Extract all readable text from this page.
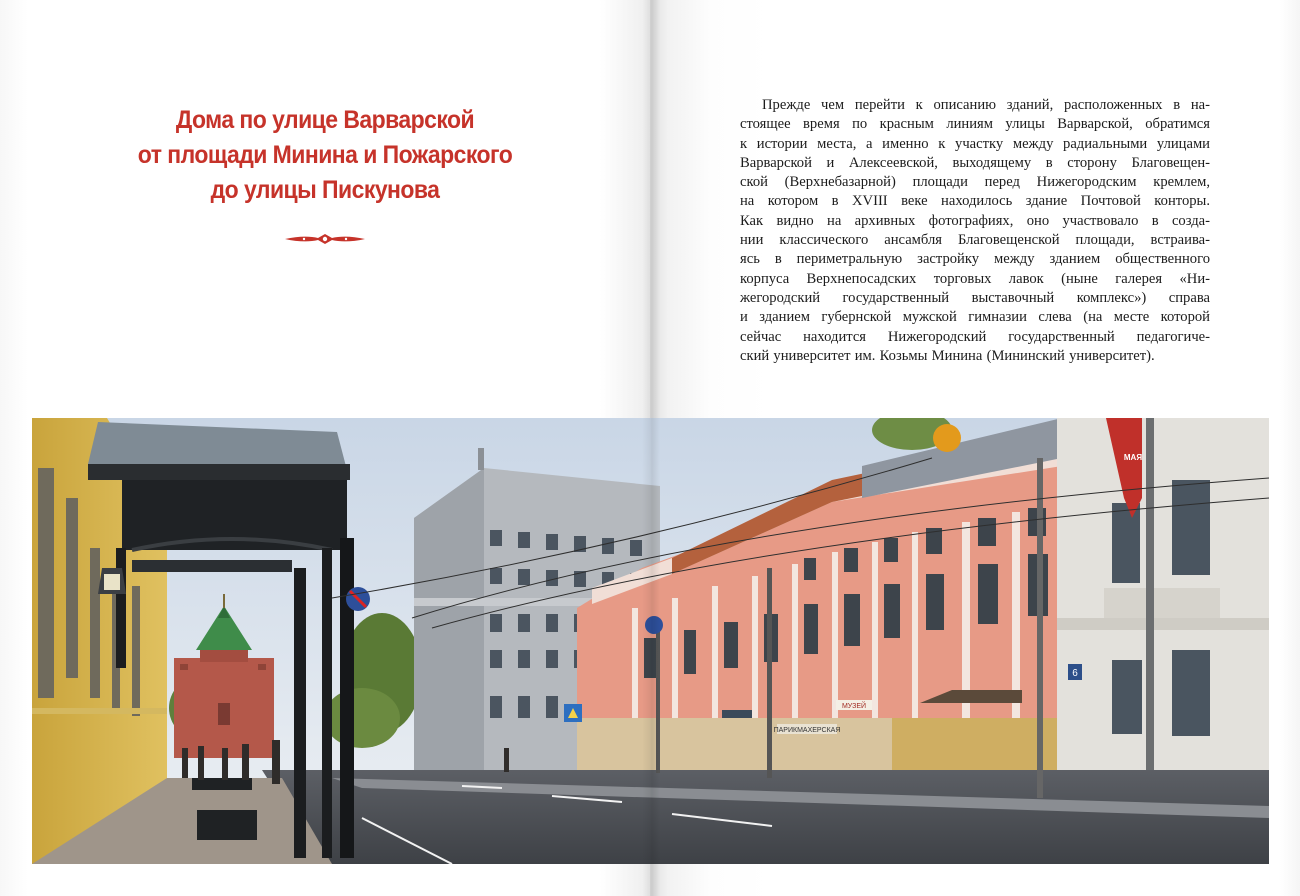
Дома по улице Варварской
от площади Минина и Пожарского
до улицы Пискунова
Прежде чем перейти к описанию зданий, расположенных в на-
стоящее время по красным линиям улицы Варварской, обратимся
к истории места, а именно к участку между радиальными улицами
Варварской и Алексеевской, выходящему в сторону Благовещен-
ской (Верхнебазарной) площади перед Нижегородским кремлем,
на котором в XVIII веке находилось здание Почтовой конторы.
Как видно на архивных фотографиях, оно участвовало в созда-
нии классического ансамбля Благовещенской площади, встраива-
ясь в периметральную застройку между зданием общественного
корпуса Верхнепосадских торговых лавок (ныне галерея «Ни-
жегородский государственный выставочный комплекс») справа
и зданием губернской мужской гимназии слева (на месте которой
сейчас находится Нижегородский государственный педагогиче-
ский университет им. Козьмы Минина (Мининский университет).
ПАРИКМАХЕРСКАЯ
МУЗЕЙ
6
МАЯ
